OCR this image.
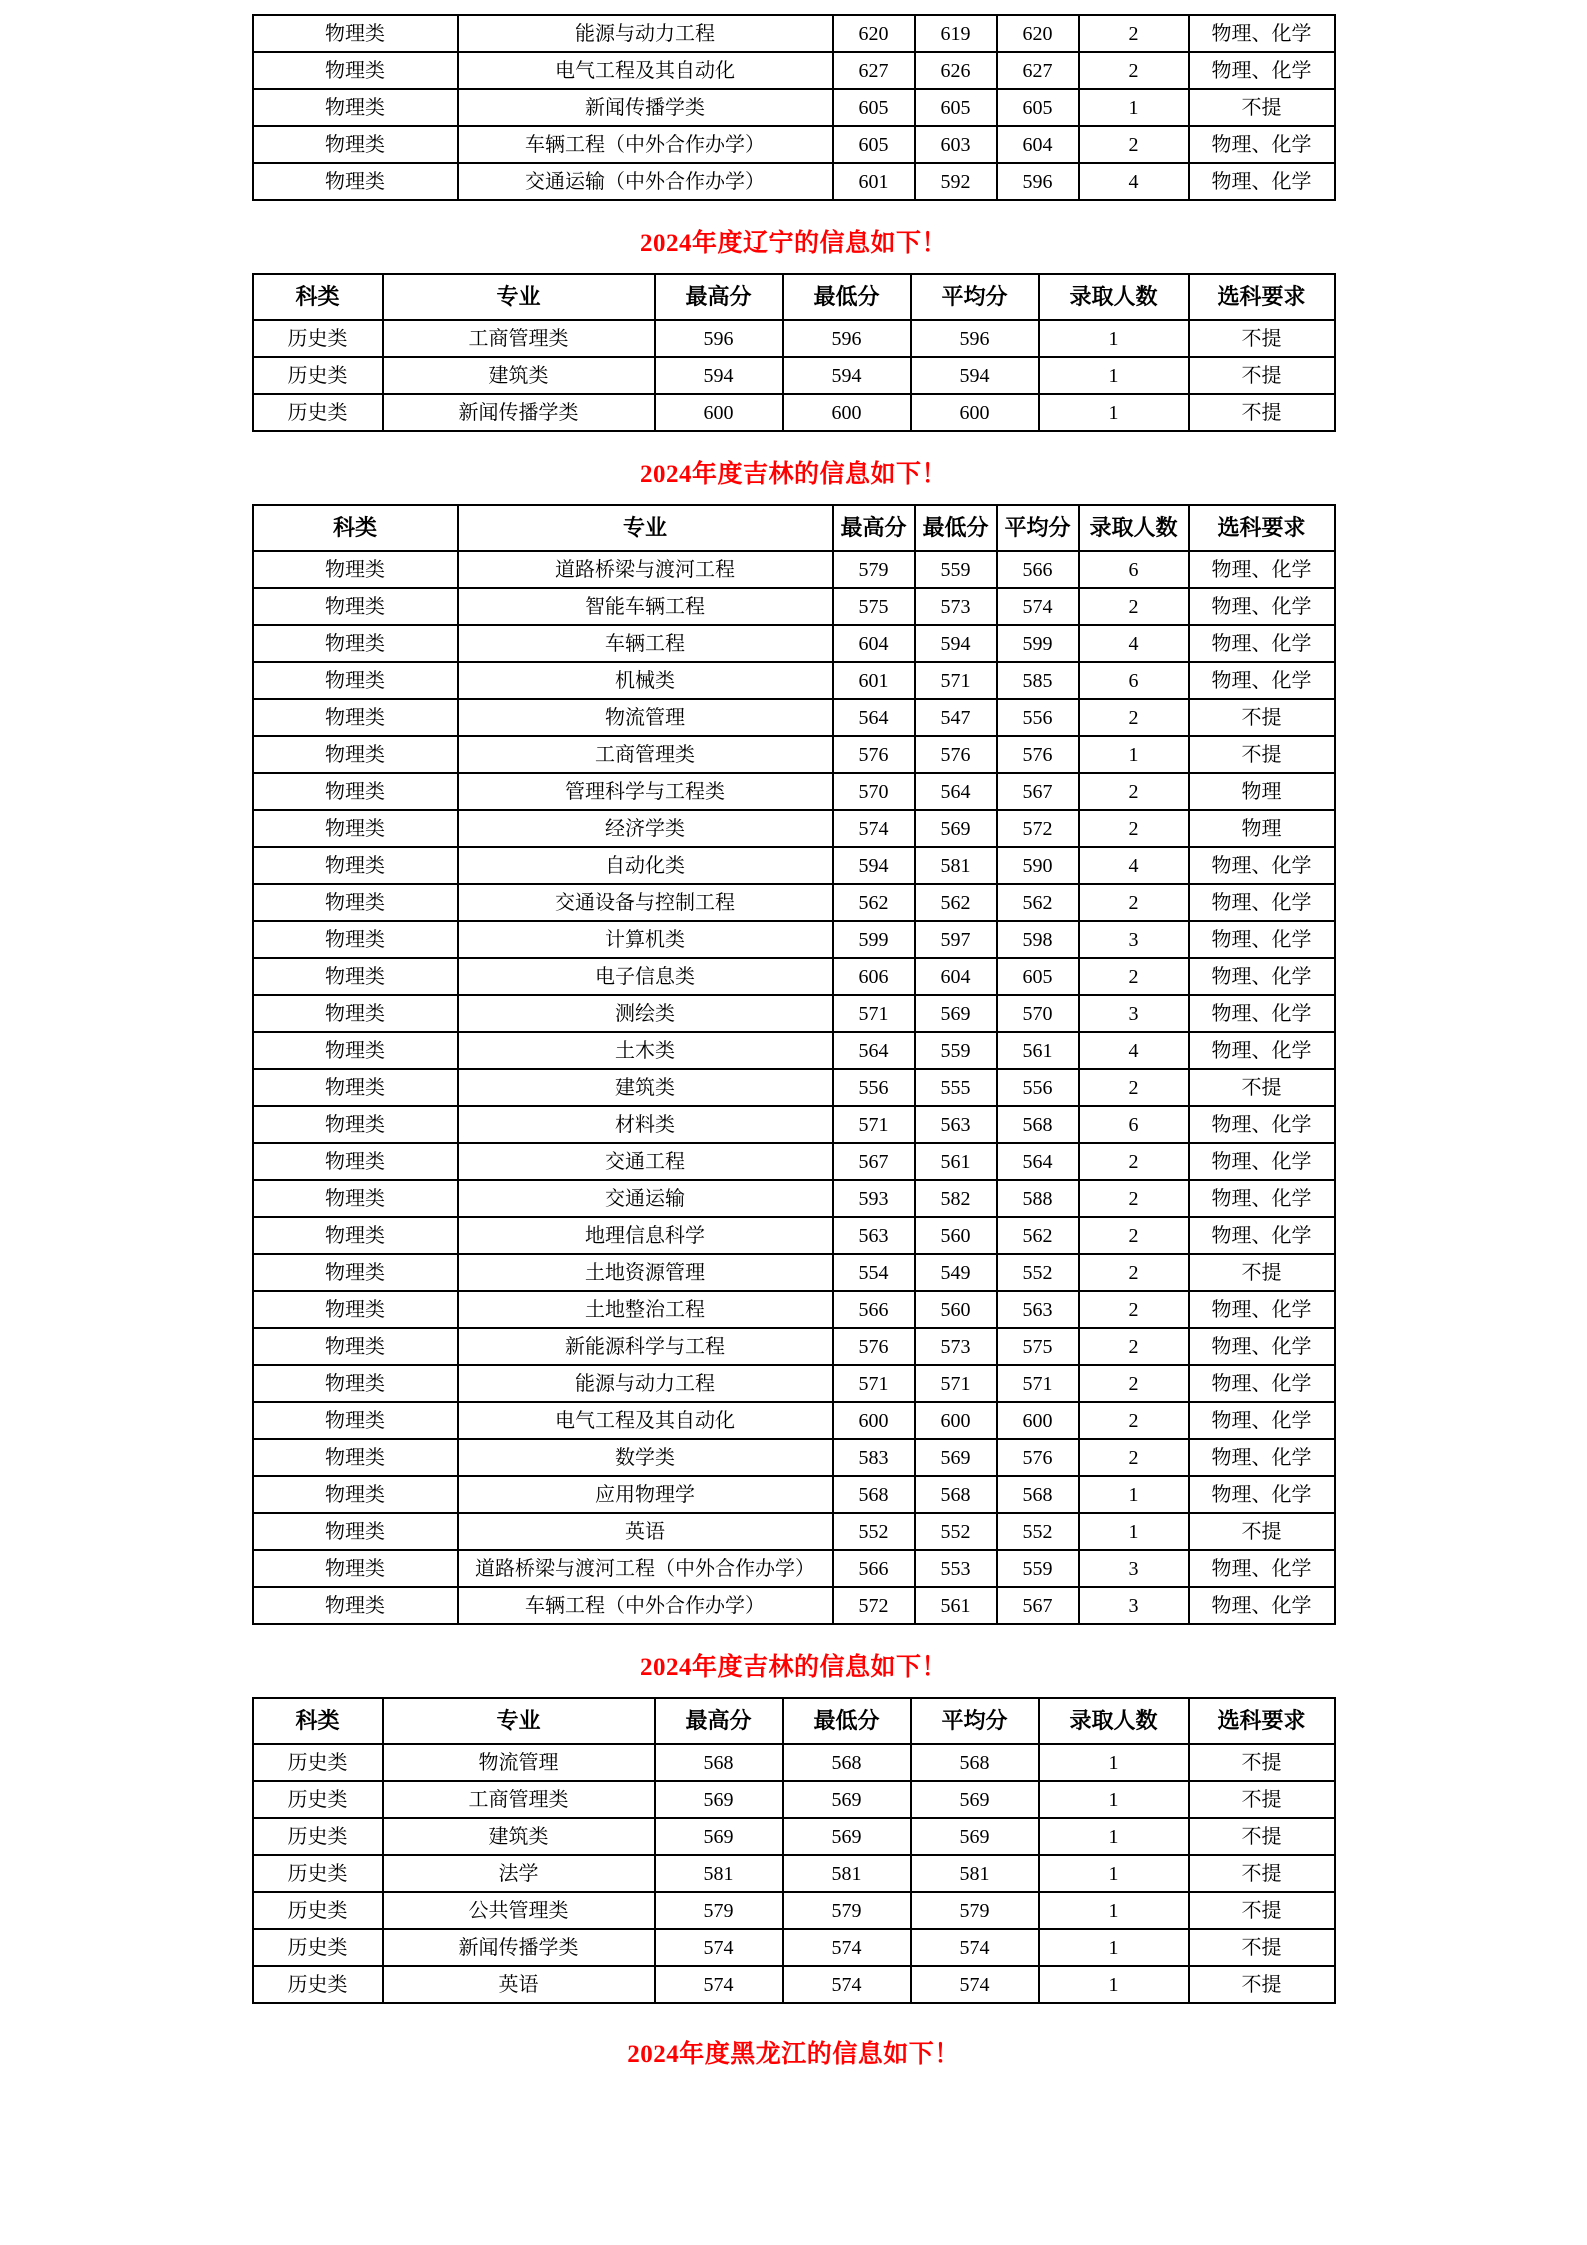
物理类	能源与动力工程	620	619	620	2	物理、化学
物理类	电气工程及其自动化	627	626	627	2	物理、化学
物理类	新闻传播学类	605	605	605	1	不提
物理类	车辆工程（中外合作办学）	605	603	604	2	物理、化学
物理类	交通运输（中外合作办学）	601	592	596	4	物理、化学
2024年度辽宁的信息如下！
科类	专业	最高分	最低分	平均分	录取人数	选科要求
历史类	工商管理类	596	596	596	1	不提
历史类	建筑类	594	594	594	1	不提
历史类	新闻传播学类	600	600	600	1	不提
2024年度吉林的信息如下！
科类	专业	最高分	最低分	平均分	录取人数	选科要求
物理类	道路桥梁与渡河工程	579	559	566	6	物理、化学
物理类	智能车辆工程	575	573	574	2	物理、化学
物理类	车辆工程	604	594	599	4	物理、化学
物理类	机械类	601	571	585	6	物理、化学
物理类	物流管理	564	547	556	2	不提
物理类	工商管理类	576	576	576	1	不提
物理类	管理科学与工程类	570	564	567	2	物理
物理类	经济学类	574	569	572	2	物理
物理类	自动化类	594	581	590	4	物理、化学
物理类	交通设备与控制工程	562	562	562	2	物理、化学
物理类	计算机类	599	597	598	3	物理、化学
物理类	电子信息类	606	604	605	2	物理、化学
物理类	测绘类	571	569	570	3	物理、化学
物理类	土木类	564	559	561	4	物理、化学
物理类	建筑类	556	555	556	2	不提
物理类	材料类	571	563	568	6	物理、化学
物理类	交通工程	567	561	564	2	物理、化学
物理类	交通运输	593	582	588	2	物理、化学
物理类	地理信息科学	563	560	562	2	物理、化学
物理类	土地资源管理	554	549	552	2	不提
物理类	土地整治工程	566	560	563	2	物理、化学
物理类	新能源科学与工程	576	573	575	2	物理、化学
物理类	能源与动力工程	571	571	571	2	物理、化学
物理类	电气工程及其自动化	600	600	600	2	物理、化学
物理类	数学类	583	569	576	2	物理、化学
物理类	应用物理学	568	568	568	1	物理、化学
物理类	英语	552	552	552	1	不提
物理类	道路桥梁与渡河工程（中外合作办学）	566	553	559	3	物理、化学
物理类	车辆工程（中外合作办学）	572	561	567	3	物理、化学
2024年度吉林的信息如下！
科类	专业	最高分	最低分	平均分	录取人数	选科要求
历史类	物流管理	568	568	568	1	不提
历史类	工商管理类	569	569	569	1	不提
历史类	建筑类	569	569	569	1	不提
历史类	法学	581	581	581	1	不提
历史类	公共管理类	579	579	579	1	不提
历史类	新闻传播学类	574	574	574	1	不提
历史类	英语	574	574	574	1	不提
2024年度黑龙江的信息如下！
